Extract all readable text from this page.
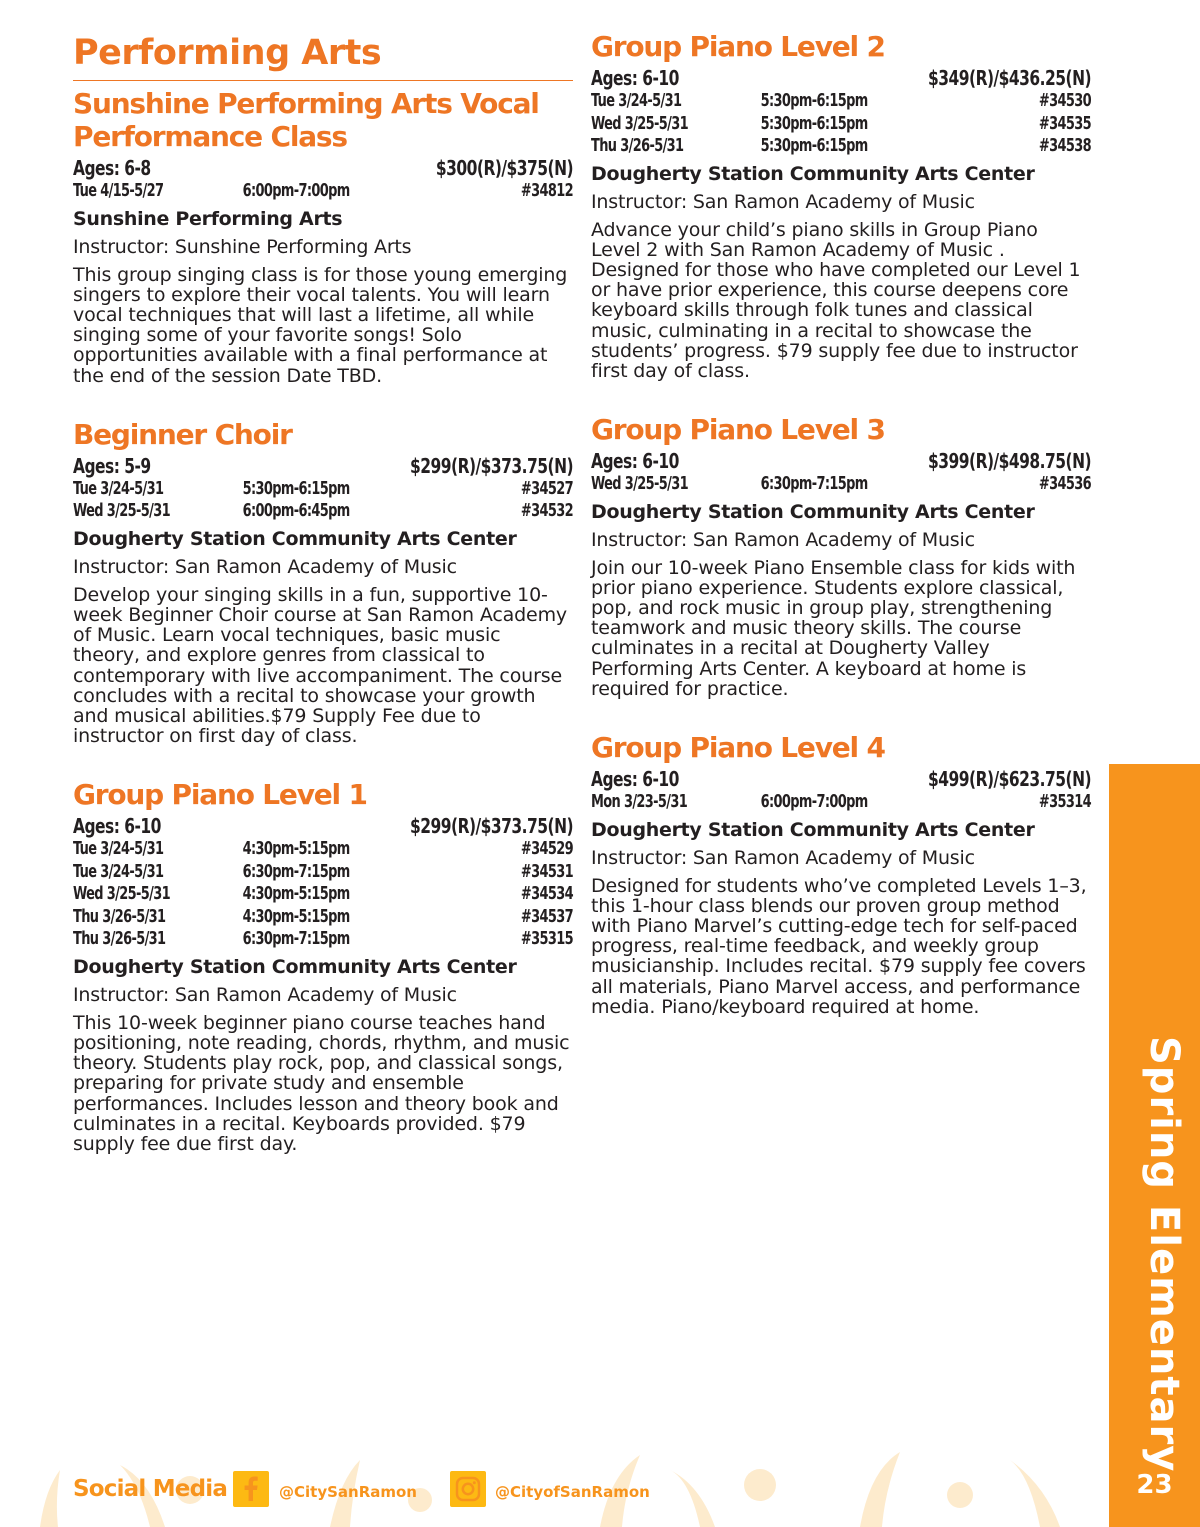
Performing Arts
Sunshine Performing Arts Vocal Performance Class
Ages: 6-8	$300(R)/$375(N)
Tue 4/15-5/27	6:00pm-7:00pm	#34812
Sunshine Performing Arts
Instructor: Sunshine Performing Arts
This group singing class is for those young emerging singers to explore their vocal talents. You will learn vocal techniques that will last a lifetime, all while singing some of your favorite songs! Solo opportunities available with a final performance at the end of the session Date TBD.
Beginner Choir
Ages: 5-9	$299(R)/$373.75(N)
Tue 3/24-5/31	5:30pm-6:15pm	#34527
Wed 3/25-5/31	6:00pm-6:45pm	#34532
Dougherty Station Community Arts Center
Instructor: San Ramon Academy of Music
Develop your singing skills in a fun, supportive 10-week Beginner Choir course at San Ramon Academy of Music. Learn vocal techniques, basic music theory, and explore genres from classical to contemporary with live accompaniment. The course concludes with a recital to showcase your growth and musical abilities.$79 Supply Fee due to instructor on first day of class.
Group Piano Level 1
Ages: 6-10	$299(R)/$373.75(N)
Tue 3/24-5/31	4:30pm-5:15pm	#34529
Tue 3/24-5/31	6:30pm-7:15pm	#34531
Wed 3/25-5/31	4:30pm-5:15pm	#34534
Thu 3/26-5/31	4:30pm-5:15pm	#34537
Thu 3/26-5/31	6:30pm-7:15pm	#35315
Dougherty Station Community Arts Center
Instructor: San Ramon Academy of Music
This 10-week beginner piano course teaches hand positioning, note reading, chords, rhythm, and music theory. Students play rock, pop, and classical songs, preparing for private study and ensemble performances. Includes lesson and theory book and culminates in a recital. Keyboards provided. $79 supply fee due first day.
Group Piano Level 2
Ages: 6-10	$349(R)/$436.25(N)
Tue 3/24-5/31	5:30pm-6:15pm	#34530
Wed 3/25-5/31	5:30pm-6:15pm	#34535
Thu 3/26-5/31	5:30pm-6:15pm	#34538
Dougherty Station Community Arts Center
Instructor: San Ramon Academy of Music
Advance your child’s piano skills in Group Piano Level 2 with San Ramon Academy of Music . Designed for those who have completed our Level 1 or have prior experience, this course deepens core keyboard skills through folk tunes and classical music, culminating in a recital to showcase the students’ progress. $79 supply fee due to instructor first day of class.
Group Piano Level 3
Ages: 6-10	$399(R)/$498.75(N)
Wed 3/25-5/31	6:30pm-7:15pm	#34536
Dougherty Station Community Arts Center
Instructor: San Ramon Academy of Music
Join our 10-week Piano Ensemble class for kids with prior piano experience. Students explore classical, pop, and rock music in group play, strengthening teamwork and music theory skills. The course culminates in a recital at Dougherty Valley Performing Arts Center. A keyboard at home is required for practice.
Group Piano Level 4
Ages: 6-10	$499(R)/$623.75(N)
Mon 3/23-5/31	6:00pm-7:00pm	#35314
Dougherty Station Community Arts Center
Instructor: San Ramon Academy of Music
Designed for students who’ve completed Levels 1–3, this 1-hour class blends our proven group method with Piano Marvel’s cutting-edge tech for self-paced progress, real-time feedback, and weekly group musicianship. Includes recital. $79 supply fee covers all materials, Piano Marvel access, and performance media. Piano/keyboard required at home.
Social Media	@CitySanRamon	@CityofSanRamon
Spring Elementary
23
